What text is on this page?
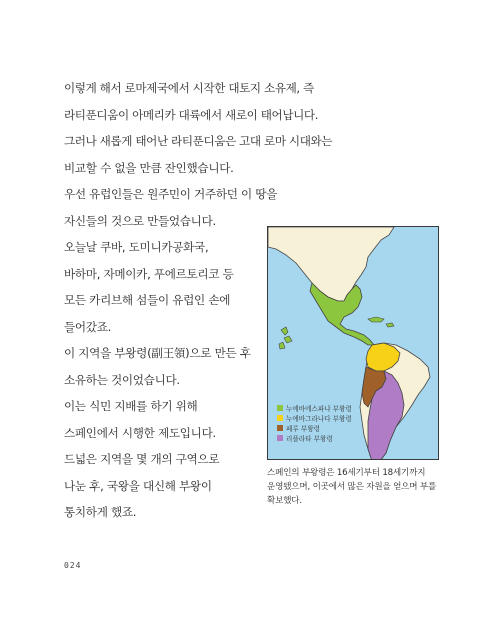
이렇게 해서 로마제국에서 시작한 대토지 소유제, 즉
라티푼디움이 아메리카 대륙에서 새로이 태어납니다.
그러나 새롭게 태어난 라티푼디움은 고대 로마 시대와는
비교할 수 없을 만큼 잔인했습니다.
우선 유럽인들은 원주민이 거주하던 이 땅을
자신들의 것으로 만들었습니다.
오늘날 쿠바, 도미니카공화국,
바하마, 자메이카, 푸에르토리코 등
모든 카리브해 섬들이 유럽인 손에
들어갔죠.
이 지역을 부왕령(副王領)으로 만든 후
소유하는 것이었습니다.
이는 식민 지배를 하기 위해
스페인에서 시행한 제도입니다.
드넓은 지역을 몇 개의 구역으로
나눈 후, 국왕을 대신해 부왕이
통치하게 했죠.
누에바에스파냐 부왕령
누에바그라나다 부왕령
페루 부왕령
리플라타 부왕령
스페인의 부왕령은 16세기부터 18세기까지
운영됐으며, 이곳에서 많은 자원을 얻으며 부를
확보했다.
024
